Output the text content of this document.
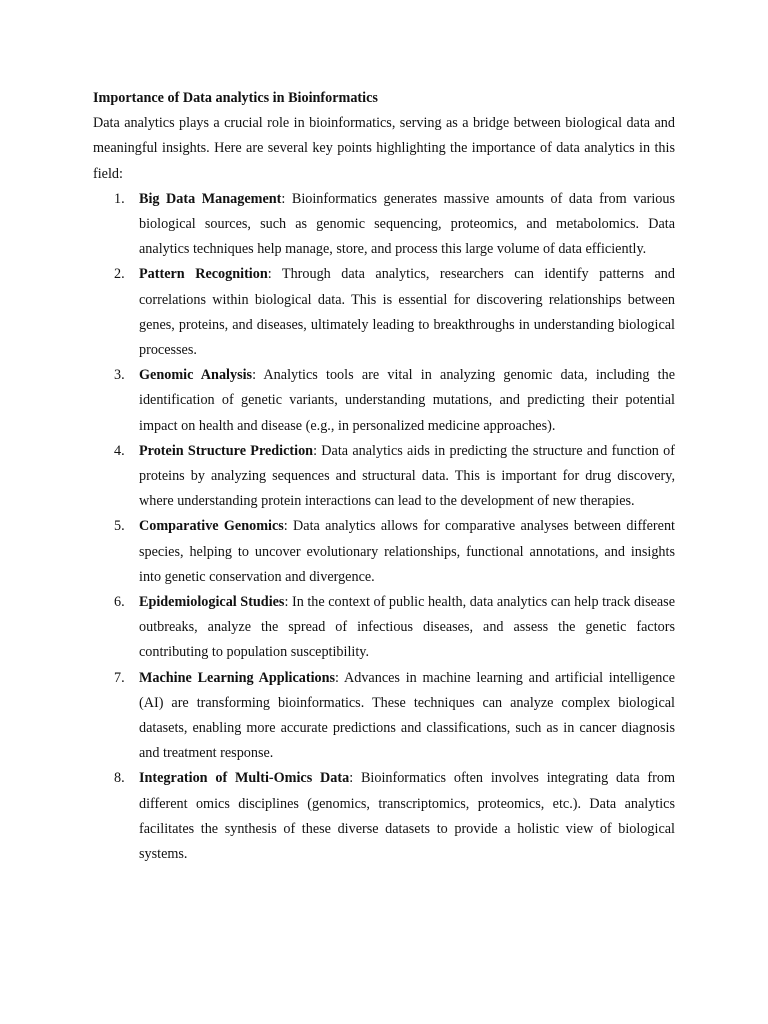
Importance of Data analytics in Bioinformatics

Data analytics plays a crucial role in bioinformatics, serving as a bridge between biological data and meaningful insights. Here are several key points highlighting the importance of data analytics in this field:

1. Big Data Management: Bioinformatics generates massive amounts of data from various biological sources, such as genomic sequencing, proteomics, and metabolomics. Data analytics techniques help manage, store, and process this large volume of data efficiently.
2. Pattern Recognition: Through data analytics, researchers can identify patterns and correlations within biological data. This is essential for discovering relationships between genes, proteins, and diseases, ultimately leading to breakthroughs in understanding biological processes.
3. Genomic Analysis: Analytics tools are vital in analyzing genomic data, including the identification of genetic variants, understanding mutations, and predicting their potential impact on health and disease (e.g., in personalized medicine approaches).
4. Protein Structure Prediction: Data analytics aids in predicting the structure and function of proteins by analyzing sequences and structural data. This is important for drug discovery, where understanding protein interactions can lead to the development of new therapies.
5. Comparative Genomics: Data analytics allows for comparative analyses between different species, helping to uncover evolutionary relationships, functional annotations, and insights into genetic conservation and divergence.
6. Epidemiological Studies: In the context of public health, data analytics can help track disease outbreaks, analyze the spread of infectious diseases, and assess the genetic factors contributing to population susceptibility.
7. Machine Learning Applications: Advances in machine learning and artificial intelligence (AI) are transforming bioinformatics. These techniques can analyze complex biological datasets, enabling more accurate predictions and classifications, such as in cancer diagnosis and treatment response.
8. Integration of Multi-Omics Data: Bioinformatics often involves integrating data from different omics disciplines (genomics, transcriptomics, proteomics, etc.). Data analytics facilitates the synthesis of these diverse datasets to provide a holistic view of biological systems.
